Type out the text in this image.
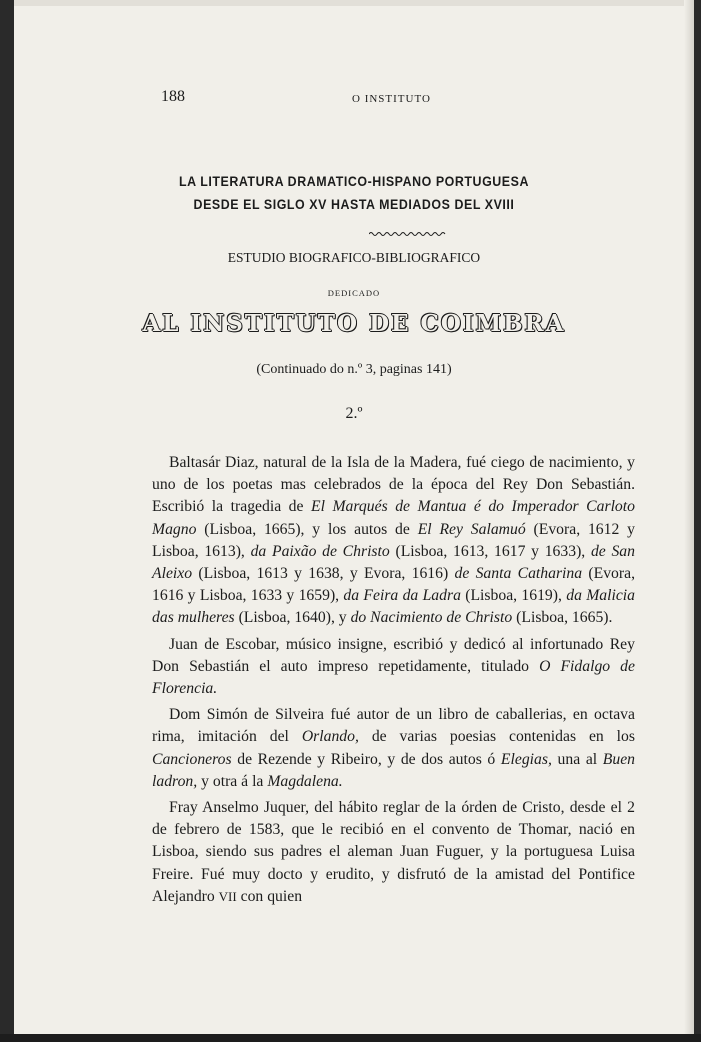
188	O INSTITUTO
LA LITERATURA DRAMATICO-HISPANO PORTUGUESA
DESDE EL SIGLO XV HASTA MEDIADOS DEL XVIII
ESTUDIO BIOGRAFICO-BIBLIOGRAFICO
DEDICADO
AL INSTITUTO DE COIMBRA
(Continuado do n.º 3, paginas 141)
2.º

Baltasár Diaz, natural de la Isla de la Madera, fué ciego de nacimiento, y uno de los poetas mas celebrados de la época del Rey Don Sebastián. Escribió la tragedia de El Marqués de Mantua é do Imperador Carloto Magno (Lisboa, 1665), y los autos de El Rey Salamuó (Evora, 1612 y Lisboa, 1613), da Paixão de Christo (Lisboa, 1613, 1617 y 1633), de San Aleixo (Lisboa, 1613 y 1638, y Evora, 1616) de Santa Catharina (Evora, 1616 y Lisboa, 1633 y 1659), da Feira da Ladra (Lisboa, 1619), da Malicia das mulheres (Lisboa, 1640), y do Nacimiento de Christo (Lisboa, 1665).

Juan de Escobar, músico insigne, escribió y dedicó al infortunado Rey Don Sebastián el auto impreso repetidamente, titulado O Fidalgo de Florencia.

Dom Simón de Silveira fué autor de un libro de caballerias, en octava rima, imitación del Orlando, de varias poesias contenidas en los Cancioneros de Rezende y Ribeiro, y de dos autos ó Elegias, una al Buen ladron, y otra á la Magdalena.

Fray Anselmo Juquer, del hábito reglar de la órden de Cristo, desde el 2 de febrero de 1583, que le recibió en el convento de Thomar, nació en Lisboa, siendo sus padres el aleman Juan Fuguer, y la portuguesa Luisa Freire. Fué muy docto y erudito, y disfrutó de la amistad del Pontifice Alejandro VII con quien
